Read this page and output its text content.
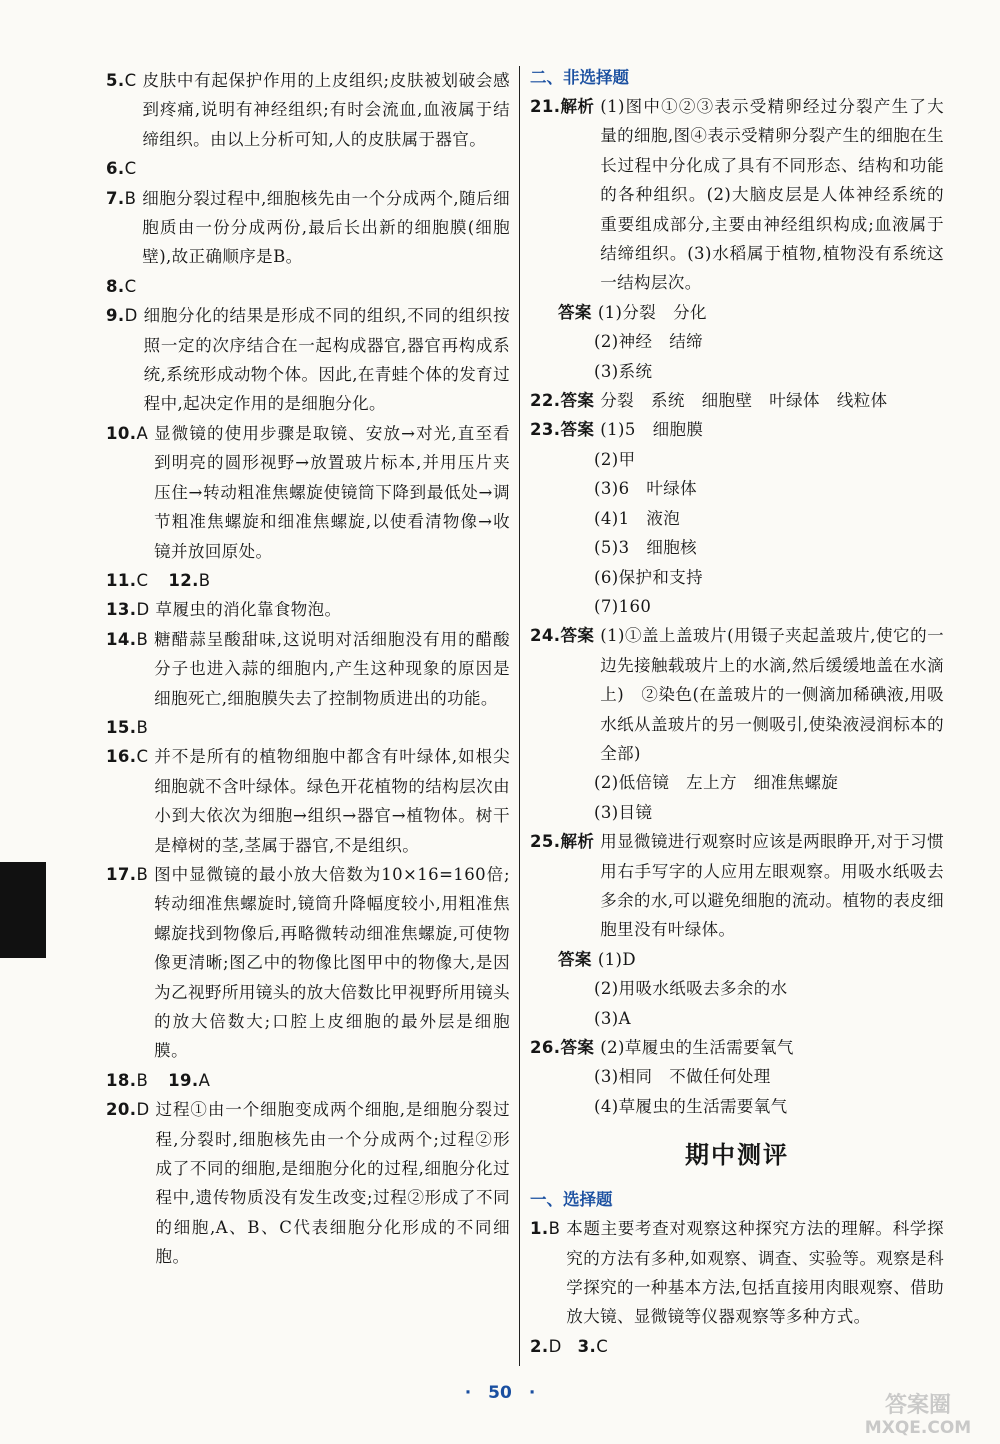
5.C 皮肤中有起保护作用的上皮组织;皮肤被划破会感到疼痛,说明有神经组织;有时会流血,血液属于结缔组织。由以上分析可知,人的皮肤属于器官。
6.C
7.B 细胞分裂过程中,细胞核先由一个分成两个,随后细胞质由一份分成两份,最后长出新的细胞膜(细胞壁),故正确顺序是B。
8.C
9.D 细胞分化的结果是形成不同的组织,不同的组织按照一定的次序结合在一起构成器官,器官再构成系统,系统形成动物个体。因此,在青蛙个体的发育过程中,起决定作用的是细胞分化。
10.A 显微镜的使用步骤是取镜、安放→对光,直至看到明亮的圆形视野→放置玻片标本,并用压片夹压住→转动粗准焦螺旋使镜筒下降到最低处→调节粗准焦螺旋和细准焦螺旋,以使看清物像→收镜并放回原处。
11.C 12.B
13.D 草履虫的消化靠食物泡。
14.B 糖醋蒜呈酸甜味,这说明对活细胞没有用的醋酸分子也进入蒜的细胞内,产生这种现象的原因是细胞死亡,细胞膜失去了控制物质进出的功能。
15.B
16.C 并不是所有的植物细胞中都含有叶绿体,如根尖细胞就不含叶绿体。绿色开花植物的结构层次由小到大依次为细胞→组织→器官→植物体。树干是樟树的茎,茎属于器官,不是组织。
17.B 图中显微镜的最小放大倍数为10×16=160倍;转动细准焦螺旋时,镜筒升降幅度较小,用粗准焦螺旋找到物像后,再略微转动细准焦螺旋,可使物像更清晰;图乙中的物像比图甲中的物像大,是因为乙视野所用镜头的放大倍数比甲视野所用镜头的放大倍数大;口腔上皮细胞的最外层是细胞膜。
18.B 19.A
20.D 过程①由一个细胞变成两个细胞,是细胞分裂过程,分裂时,细胞核先由一个分成两个;过程②形成了不同的细胞,是细胞分化的过程,细胞分化过程中,遗传物质没有发生改变;过程②形成了不同的细胞,A、B、C代表细胞分化形成的不同细胞。
二、非选择题
21.解析 (1)图中①②③表示受精卵经过分裂产生了大量的细胞,图④表示受精卵分裂产生的细胞在生长过程中分化成了具有不同形态、结构和功能的各种组织。(2)大脑皮层是人体神经系统的重要组成部分,主要由神经组织构成;血液属于结缔组织。(3)水稻属于植物,植物没有系统这一结构层次。
答案 (1)分裂　分化
(2)神经　结缔
(3)系统
22.答案 分裂　系统　细胞壁　叶绿体　线粒体
23.答案 (1)5　细胞膜
(2)甲
(3)6　叶绿体
(4)1　液泡
(5)3　细胞核
(6)保护和支持
(7)160
24.答案 (1)①盖上盖玻片(用镊子夹起盖玻片,使它的一边先接触载玻片上的水滴,然后缓缓地盖在水滴上)　②染色(在盖玻片的一侧滴加稀碘液,用吸水纸从盖玻片的另一侧吸引,使染液浸润标本的全部)
(2)低倍镜　左上方　细准焦螺旋
(3)目镜
25.解析 用显微镜进行观察时应该是两眼睁开,对于习惯用右手写字的人应用左眼观察。用吸水纸吸去多余的水,可以避免细胞的流动。植物的表皮细胞里没有叶绿体。
答案 (1)D
(2)用吸水纸吸去多余的水
(3)A
26.答案 (2)草履虫的生活需要氧气
(3)相同　不做任何处理
(4)草履虫的生活需要氧气
期中测评
一、选择题
1.B 本题主要考查对观察这种探究方法的理解。科学探究的方法有多种,如观察、调查、实验等。观察是科学探究的一种基本方法,包括直接用肉眼观察、借助放大镜、显微镜等仪器观察等多种方式。
2.D 3.C
·　50　·	答案圈
MXQE.COM
